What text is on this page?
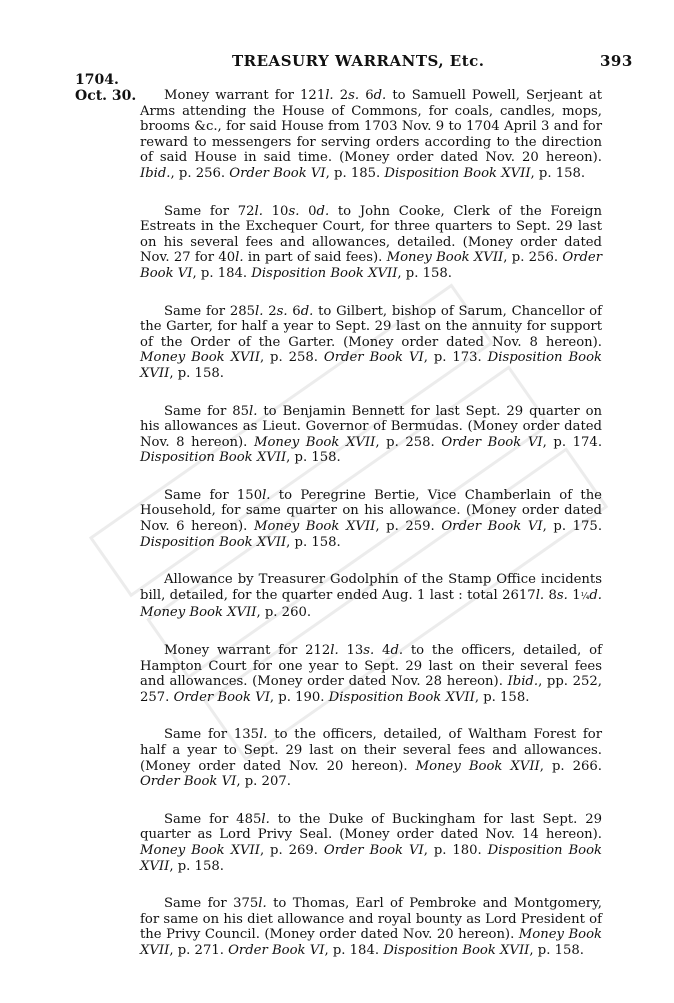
TREASURY WARRANTS, Etc.	393
1704.
Oct. 30.	Money warrant for 121l. 2s. 6d. to Samuell Powell, Serjeant at Arms attending the House of Commons, for coals, candles, mops, brooms &c., for said House from 1703 Nov. 9 to 1704 April 3 and for reward to messengers for serving orders according to the direction of said House in said time. (Money order dated Nov. 20 hereon). Ibid., p. 256. Order Book VI, p. 185. Disposition Book XVII, p. 158.

Same for 72l. 10s. 0d. to John Cooke, Clerk of the Foreign Estreats in the Exchequer Court, for three quarters to Sept. 29 last on his several fees and allowances, detailed. (Money order dated Nov. 27 for 40l. in part of said fees). Money Book XVII, p. 256. Order Book VI, p. 184. Disposition Book XVII, p. 158.

Same for 285l. 2s. 6d. to Gilbert, bishop of Sarum, Chancellor of the Garter, for half a year to Sept. 29 last on the annuity for support of the Order of the Garter. (Money order dated Nov. 8 hereon). Money Book XVII, p. 258. Order Book VI, p. 173. Disposition Book XVII, p. 158.

Same for 85l. to Benjamin Bennett for last Sept. 29 quarter on his allowances as Lieut. Governor of Bermudas. (Money order dated Nov. 8 hereon). Money Book XVII, p. 258. Order Book VI, p. 174. Disposition Book XVII, p. 158.

Same for 150l. to Peregrine Bertie, Vice Chamberlain of the Household, for same quarter on his allowance. (Money order dated Nov. 6 hereon). Money Book XVII, p. 259. Order Book VI, p. 175. Disposition Book XVII, p. 158.

Allowance by Treasurer Godolphin of the Stamp Office incidents bill, detailed, for the quarter ended Aug. 1 last : total 2617l. 8s. 1¼d. Money Book XVII, p. 260.

Money warrant for 212l. 13s. 4d. to the officers, detailed, of Hampton Court for one year to Sept. 29 last on their several fees and allowances. (Money order dated Nov. 28 hereon). Ibid., pp. 252, 257. Order Book VI, p. 190. Disposition Book XVII, p. 158.

Same for 135l. to the officers, detailed, of Waltham Forest for half a year to Sept. 29 last on their several fees and allowances. (Money order dated Nov. 20 hereon). Money Book XVII, p. 266. Order Book VI, p. 207.

Same for 485l. to the Duke of Buckingham for last Sept. 29 quarter as Lord Privy Seal. (Money order dated Nov. 14 hereon). Money Book XVII, p. 269. Order Book VI, p. 180. Disposition Book XVII, p. 158.

Same for 375l. to Thomas, Earl of Pembroke and Montgomery, for same on his diet allowance and royal bounty as Lord President of the Privy Council. (Money order dated Nov. 20 hereon). Money Book XVII, p. 271. Order Book VI, p. 184. Disposition Book XVII, p. 158.
